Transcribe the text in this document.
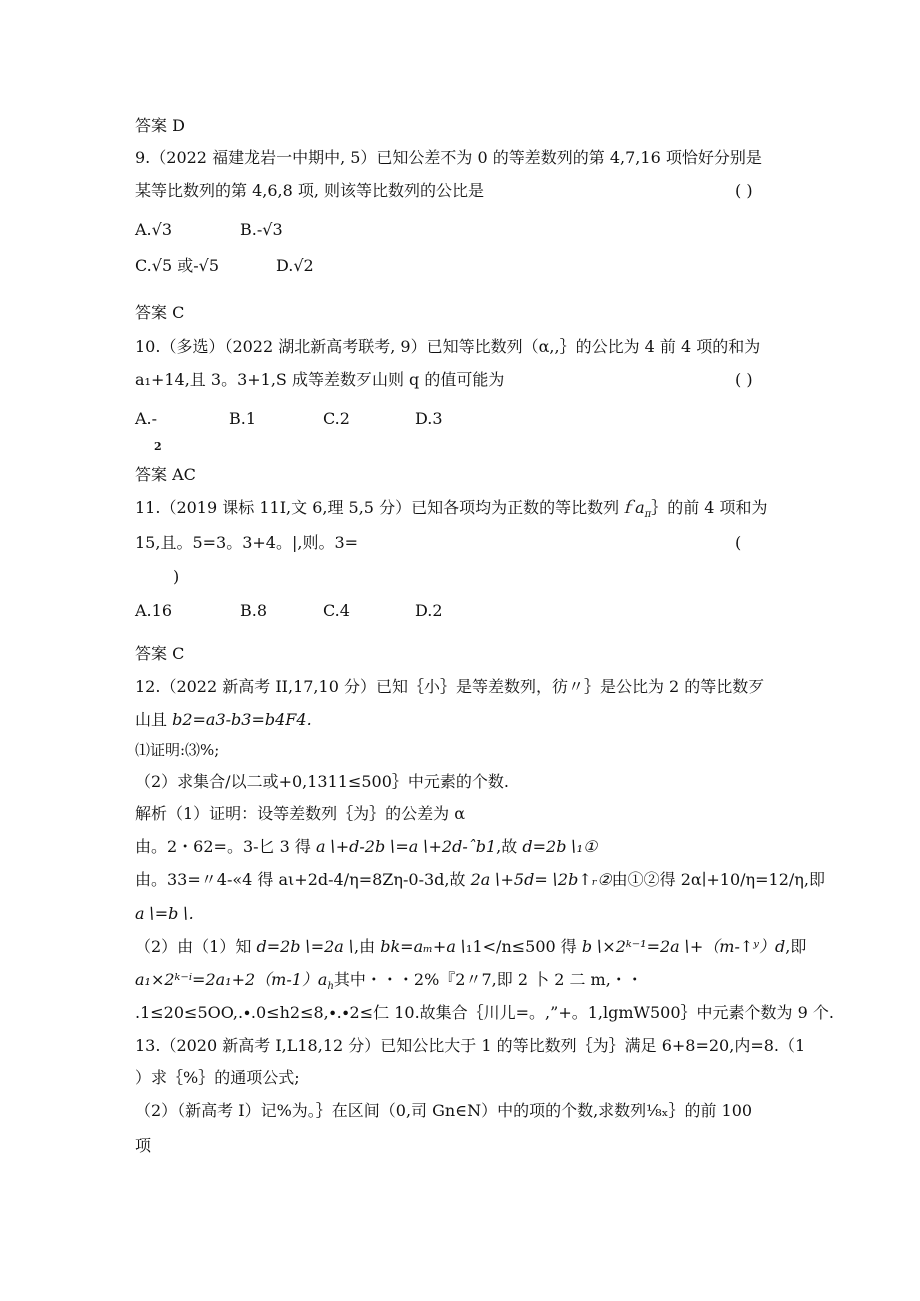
答案 D
9.（2022 福建龙岩一中期中, 5）已知公差不为 0 的等差数列的第 4,7,16 项恰好分别是
某等比数列的第 4,6,8 项, 则该等比数列的公比是	( )
A.√3	B.-√3
C.√5 或-√5	D.√2
答案 C
10.（多选）（2022 湖北新高考联考, 9）已知等比数列（α,,｝的公比为 4 前 4 项的和为
a₁+14,且 3。3+1,S 成等差数歹山则 q 的值可能为	( )
A.-
2
B.1	C.2	D.3
答案 AC
11.（2019 课标 11I,文 6,理 5,5 分）已知各项均为正数的等比数列ｆa$_\pi$｝的前 4 项和为
15,且。5=3。3+4。|,则。3=	(
)
A.16	B.8	C.4	D.2
答案 C
12.（2022 新高考 II,17,10 分）已知｛小｝是等差数列，彷〃｝是公比为 2 的等比数歹
山且 b2=a3-b3=b4F4.
⑴证明:⑶%;
（2）求集合/以二或+0,1311≤500｝中元素的个数.
解析（1）证明：设等差数列｛为｝的公差为 α
由。2・62=。3-匕 3 得 a∖+d-2b∖=a∖+2d-ˆb1,故 d=2b∖₁①
由。33=〃4-«4 得 aι+2d-4∕η=8Zη-0-3d,故 2a∖+5d=∖2b↑ᵣ②由①②得 2α∣+10∕η=12∕η,即
a∖=b∖.
（2）由（1）知 d=2b∖=2a∖,由 bk=aₘ+a∖₁1<∕n≤500 得 b∖×2ᵏ⁻¹=2a∖+（m-↑ʸ）d,即
$a_1\times 2ᵏ^{-i}=2a_1+2(m-1)a_h$其中・・・2%『2〃7,即 2 卜 2 二 m,・・
.1≤20≤5OO,.∙.0≤h2≤8,∙.∙2≤仁 10.故集合｛川儿=。,”+。1,lgmW500｝中元素个数为 9 个.
13.（2020 新高考 I,L18,12 分）已知公比大于 1 的等比数列｛为｝满足 6+8=20,内=8.（1
）求｛%｝的通项公式;
（2）（新高考 I）记%为。｝在区间（0,司 Gn∈N）中的项的个数,求数列⅛ₓ｝的前 100
项
